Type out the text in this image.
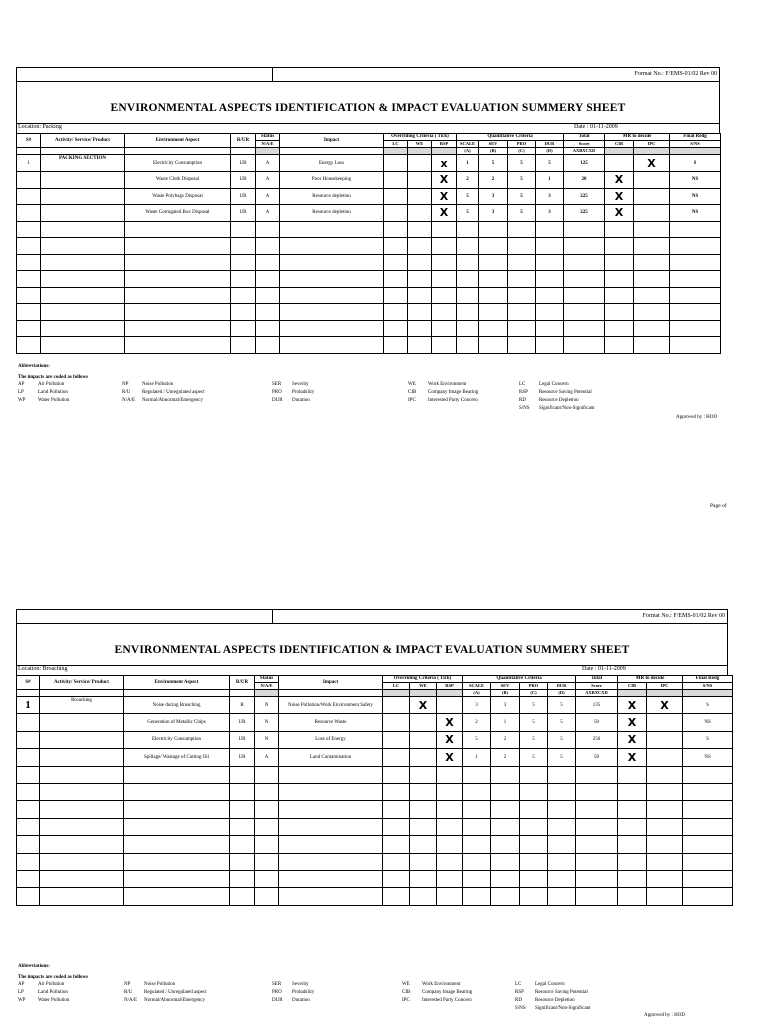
Format No.: F/EMS-01/02 Rev 00
ENVIRONMENTAL ASPECTS IDENTIFICATION & IMPACT EVALUATION SUMMERY SHEET
Location: Packing	Date : 01-11-2009
S#	Activity/ Service/ Product	Environment Aspect	R/UR	Status	Impact	Overriding Criteria ( Tick)			Quantitative Criteria				Total	MR to decide		Final Redg
				N/A/E		LC	WE	RSP	SCALE	SEV	PRO	DUR	Score	CIB	IPC	S/NS
									(A)	(B)	(C)	(D)	AXBXCXD			
1	PACKING SECTION	Electricity Consumption	UR	A	Energy Loss			x	1	5	5	5	125		X	S
		Waste Cloth Disposal	UR	A	Poor Housekeeping			X	2	2	5	1	20	X		NS
		Waste Polybags Disposal	UR	A	Resource depletion			X	5	3	5	3	225	X		NS
		Waste Corrugated Box Disposal	UR	A	Resource depletion			X	5	3	5	3	225	X		NS

Abbreviations:
The impacts are coded as follows
AP	Air Pollution
LP	Land Pollution
WP	Water Pollution
NP	Noise Pollution
R/U Regulated / Unregulated aspect
N/A/E Normal/Abnormal/Emergency
SER Severity
PRO Probability
DUR Duration
WE Work Environment
CIB Company Image Bearing
IPC Interested Party Concern
LC	Legal Concern
RSP Resource Saving Potential
RD	Resource Depletion
S/NS Significant/Non-Significant
Approved by : HOD
Page of
Format No.: F/EMS-01/02 Rev 00
ENVIRONMENTAL ASPECTS IDENTIFICATION & IMPACT EVALUATION SUMMERY SHEET
Location: Broaching	Date : 01-11-2009
S#	Activity/ Service/ Product	Environment Aspect	R/UR	Status	Impact	Overriding Criteria ( Tick)			Quantitative Criteria				Total	MR to decide		Final Redg
				N/A/E		LC	WE	RSP	SCALE	SEV	PRO	DUR	Score	CIB	IPC	S/NS
									(A)	(B)	(C)	(D)	AXBXCXD			
1	Broaching	Noise during Broaching	R	N	Noise Pollution/Work Environment Safety		X		3	3	5	5	135	X	X	S
		Generation of Metallic Chips	UR	N	Resource Waste			X	2	1	5	5	50	X		NS
		Electricity Consumption	UR	N	Loss of Energy			X	5	2	5	5	250	X		S
		Spillage/ Wastage of Cutting Oil	UR	A	Land Contamination			X	1	2	5	5	50	X		NS

Abbreviations:
The impacts are coded as follows
AP	Air Pollution
LP	Land Pollution
WP	Water Pollution
NP	Noise Pollution
R/U Regulated / Unregulated aspect
N/A/E Normal/Abnormal/Emergency
SER Severity
PRO Probability
DUR Duration
WE Work Environment
CIB Company Image Bearing
IPC Interested Party Concern
LC	Legal Concern
RSP Resource Saving Potential
RD	Resource Depletion
S/NS Significant/Non-Significant
Approved by : HOD
